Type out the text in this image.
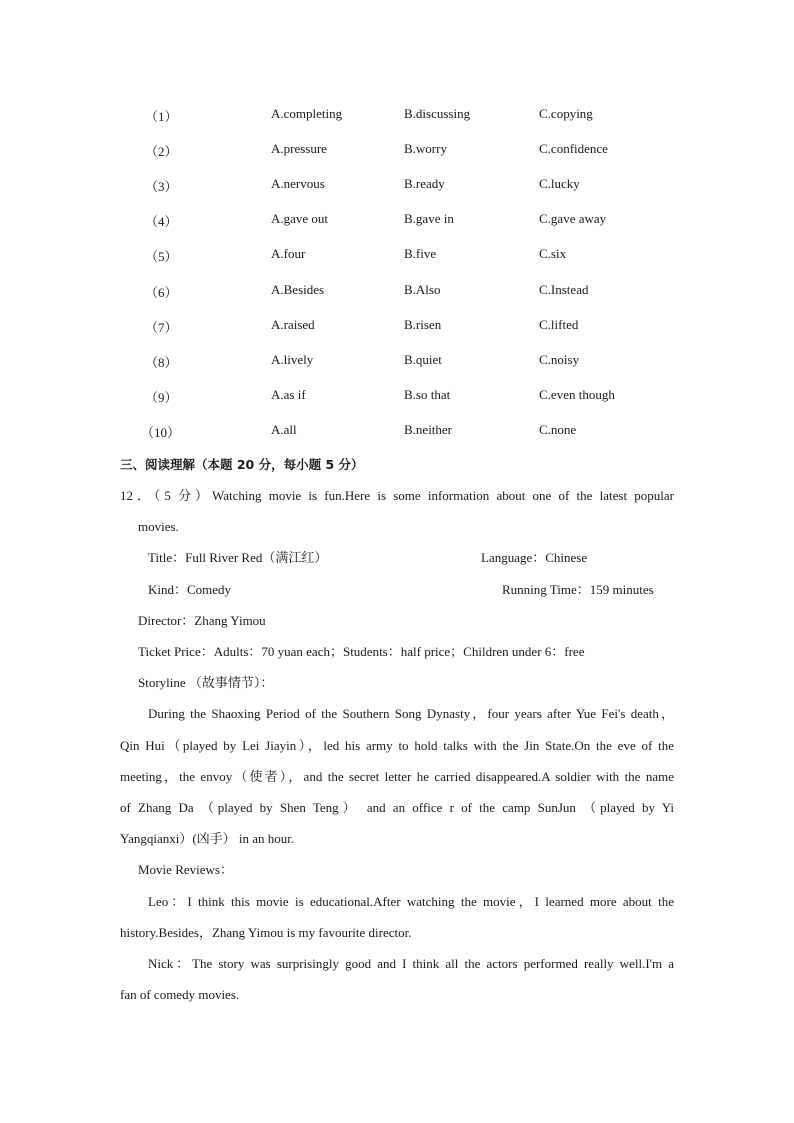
（1）	A.completing	B.discussing	C.copying
（2）	A.pressure	B.worry	C.confidence
（3）	A.nervous	B.ready	C.lucky
（4）	A.gave out	B.gave in	C.gave away
（5）	A.four	B.five	C.six
（6）	A.Besides	B.Also	C.Instead
（7）	A.raised	B.risen	C.lifted
（8）	A.lively	B.quiet	C.noisy
（9）	A.as if	B.so that	C.even though
（10）	A.all	B.neither	C.none
三、阅读理解（本题 20 分，每小题 5 分）
12．（5 分）Watching movie is fun.Here is some information about one of the latest popular
movies.
Title：Full River Red（满江红）	Language：Chinese
Kind：Comedy	Running Time：159 minutes
Director：Zhang Yimou
Ticket Price：Adults：70 yuan each；Students：half price；Children under 6：free
Storyline （故事情节）：
During the Shaoxing Period of the Southern Song Dynasty，four years after Yue Fei's death，
Qin Hui（played by Lei Jiayin），led his army to hold talks with the Jin State.On the eve of the
meeting，the envoy（使者），and the secret letter he carried disappeared.A soldier with the name
of Zhang Da （played by Shen Teng） and an office r of the camp SunJun （played by Yi
Yangqianxi）(凶手） in an hour.
Movie Reviews：
Leo：I think this movie is educational.After watching the movie，I learned more about the
history.Besides，Zhang Yimou is my favourite director.
Nick：The story was surprisingly good and I think all the actors performed really well.I'm a
fan of comedy movies.
